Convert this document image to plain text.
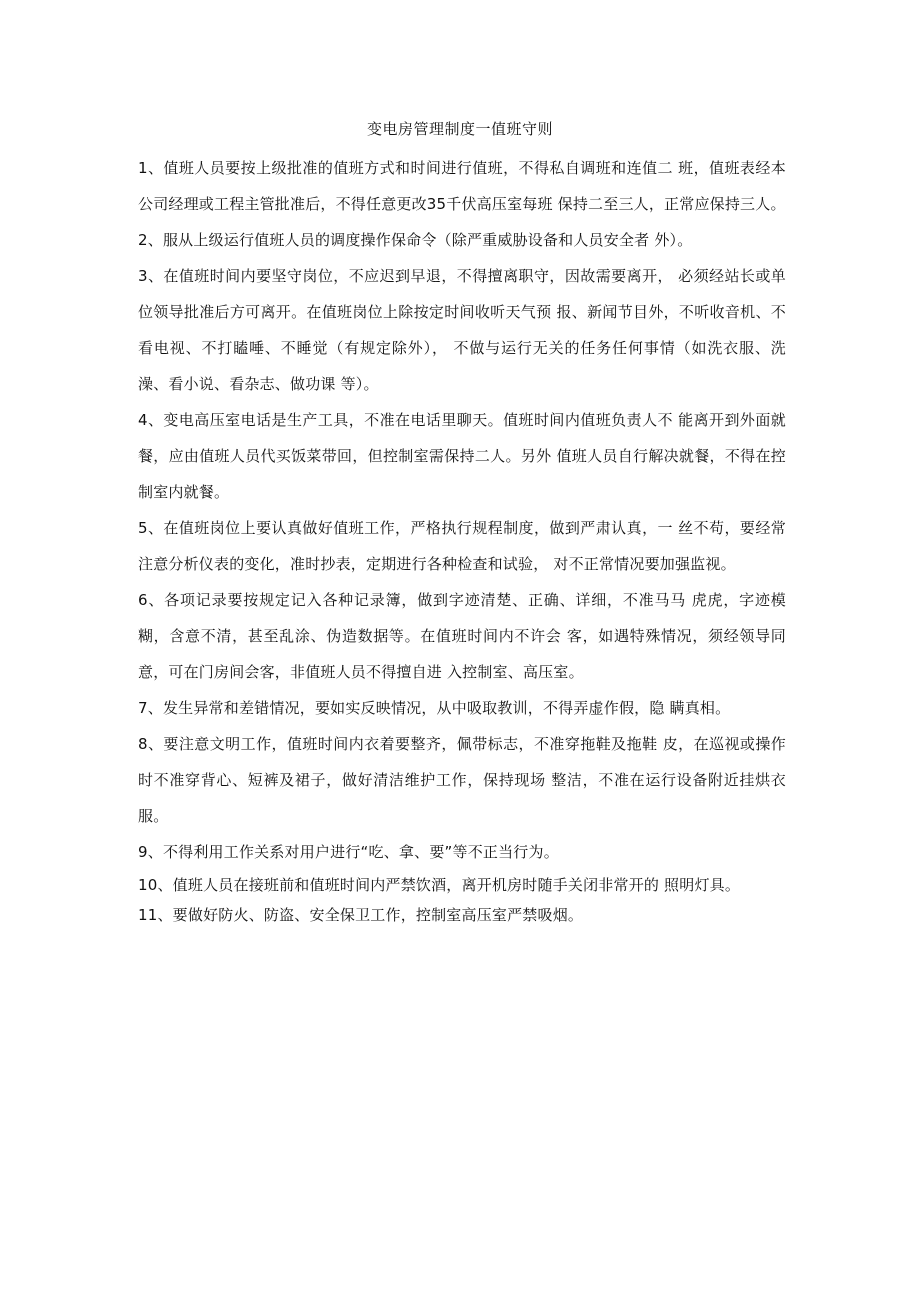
变电房管理制度一值班守则

1、值班人员要按上级批准的值班方式和时间进行值班，不得私自调班和连值二 班，值班表经本公司经理或工程主管批准后，不得任意更改35千伏高压室每班 保持二至三人，正常应保持三人。

2、服从上级运行值班人员的调度操作保命令（除严重威胁设备和人员安全者 外）。

3、在值班时间内要坚守岗位，不应迟到早退，不得擅离职守，因故需要离开， 必须经站长或单位领导批准后方可离开。在值班岗位上除按定时间收听天气预 报、新闻节目外，不听收音机、不看电视、不打瞌唾、不睡觉（有规定除外）， 不做与运行无关的任务任何事情（如洗衣服、洗澡、看小说、看杂志、做功课 等）。

4、变电高压室电话是生产工具，不准在电话里聊天。值班时间内值班负责人不 能离开到外面就餐，应由值班人员代买饭菜带回，但控制室需保持二人。另外 值班人员自行解决就餐，不得在控制室内就餐。

5、在值班岗位上要认真做好值班工作，严格执行规程制度，做到严肃认真，一 丝不苟，要经常注意分析仪表的变化，准时抄表，定期进行各种检查和试验， 对不正常情况要加强监视。

6、各项记录要按规定记入各种记录簿，做到字迹清楚、正确、详细，不准马马 虎虎，字迹模糊，含意不清，甚至乱涂、伪造数据等。在值班时间内不许会 客，如遇特殊情况，须经领导同意，可在门房间会客，非值班人员不得擅自进 入控制室、高压室。

7、发生异常和差错情况，要如实反映情况，从中吸取教训，不得弄虚作假，隐 瞒真相。

8、要注意文明工作，值班时间内衣着要整齐，佩带标志，不准穿拖鞋及拖鞋 皮，在巡视或操作时不准穿背心、短裤及裙子，做好清洁维护工作，保持现场 整洁，不准在运行设备附近挂烘衣服。

9、不得利用工作关系对用户进行“吃、拿、要”等不正当行为。

10、值班人员在接班前和值班时间内严禁饮酒，离开机房时随手关闭非常开的 照明灯具。

11、要做好防火、防盗、安全保卫工作，控制室高压室严禁吸烟。
